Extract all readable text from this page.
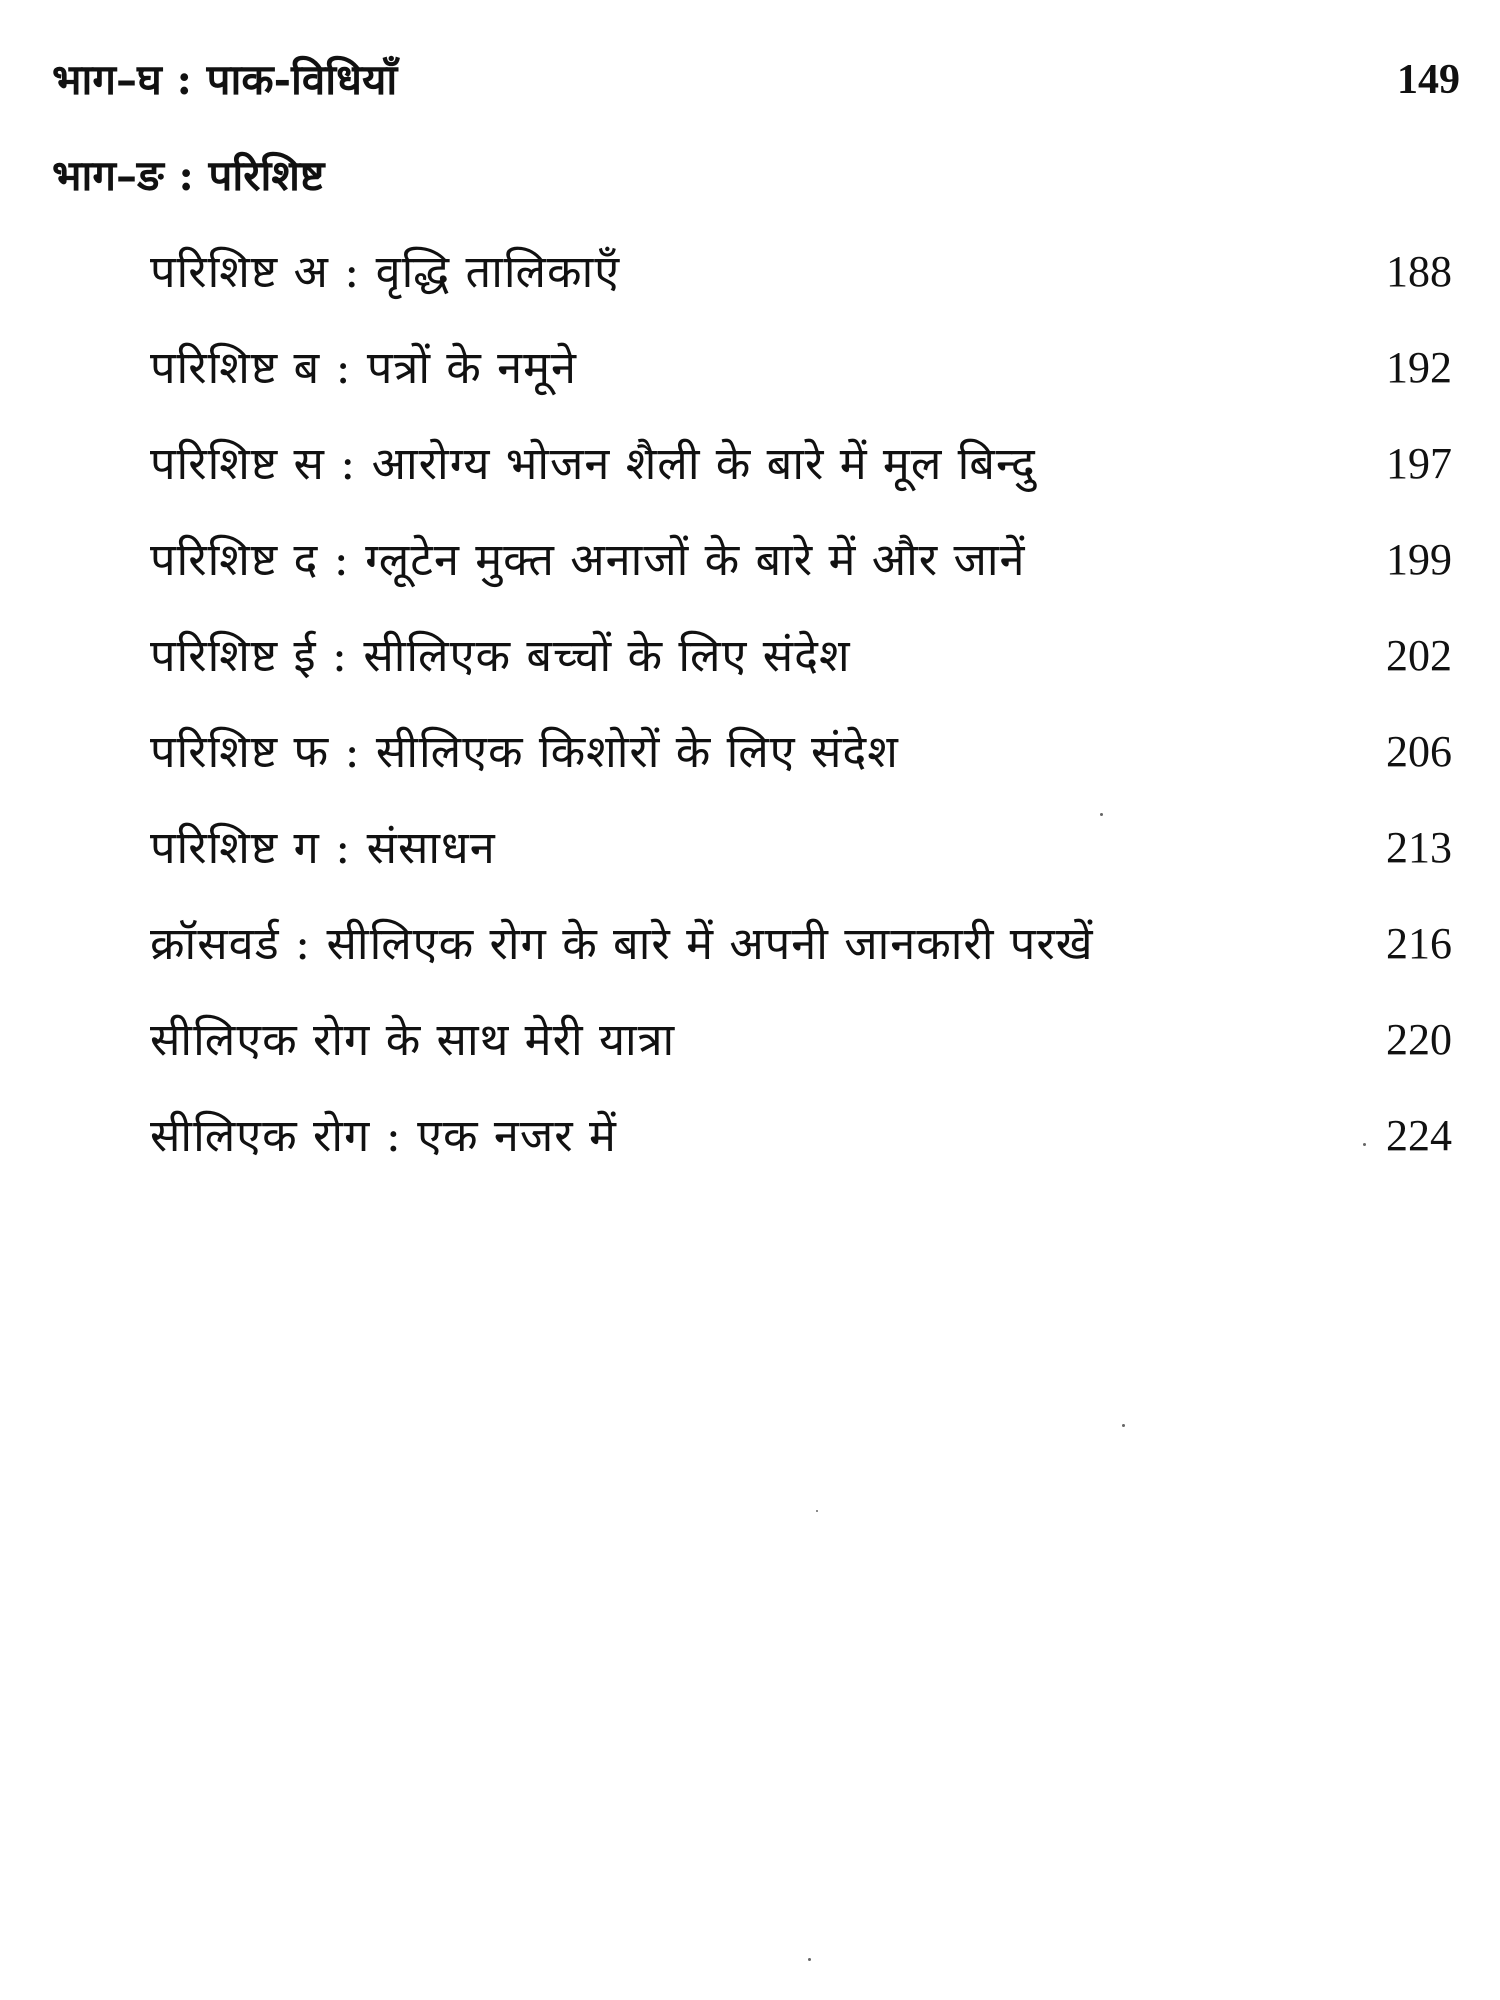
भाग–घ : पाक-विधियाँ	149
भाग–ङ : परिशिष्ट
परिशिष्ट अ : वृद्धि तालिकाएँ	188
परिशिष्ट ब : पत्रों के नमूने	192
परिशिष्ट स : आरोग्य भोजन शैली के बारे में मूल बिन्दु	197
परिशिष्ट द : ग्लूटेन मुक्त अनाजों के बारे में और जानें	199
परिशिष्ट ई : सीलिएक बच्चों के लिए संदेश	202
परिशिष्ट फ : सीलिएक किशोरों के लिए संदेश	206
परिशिष्ट ग : संसाधन	213
क्रॉसवर्ड : सीलिएक रोग के बारे में अपनी जानकारी परखें	216
सीलिएक रोग के साथ मेरी यात्रा	220
सीलिएक रोग : एक नजर में	224
